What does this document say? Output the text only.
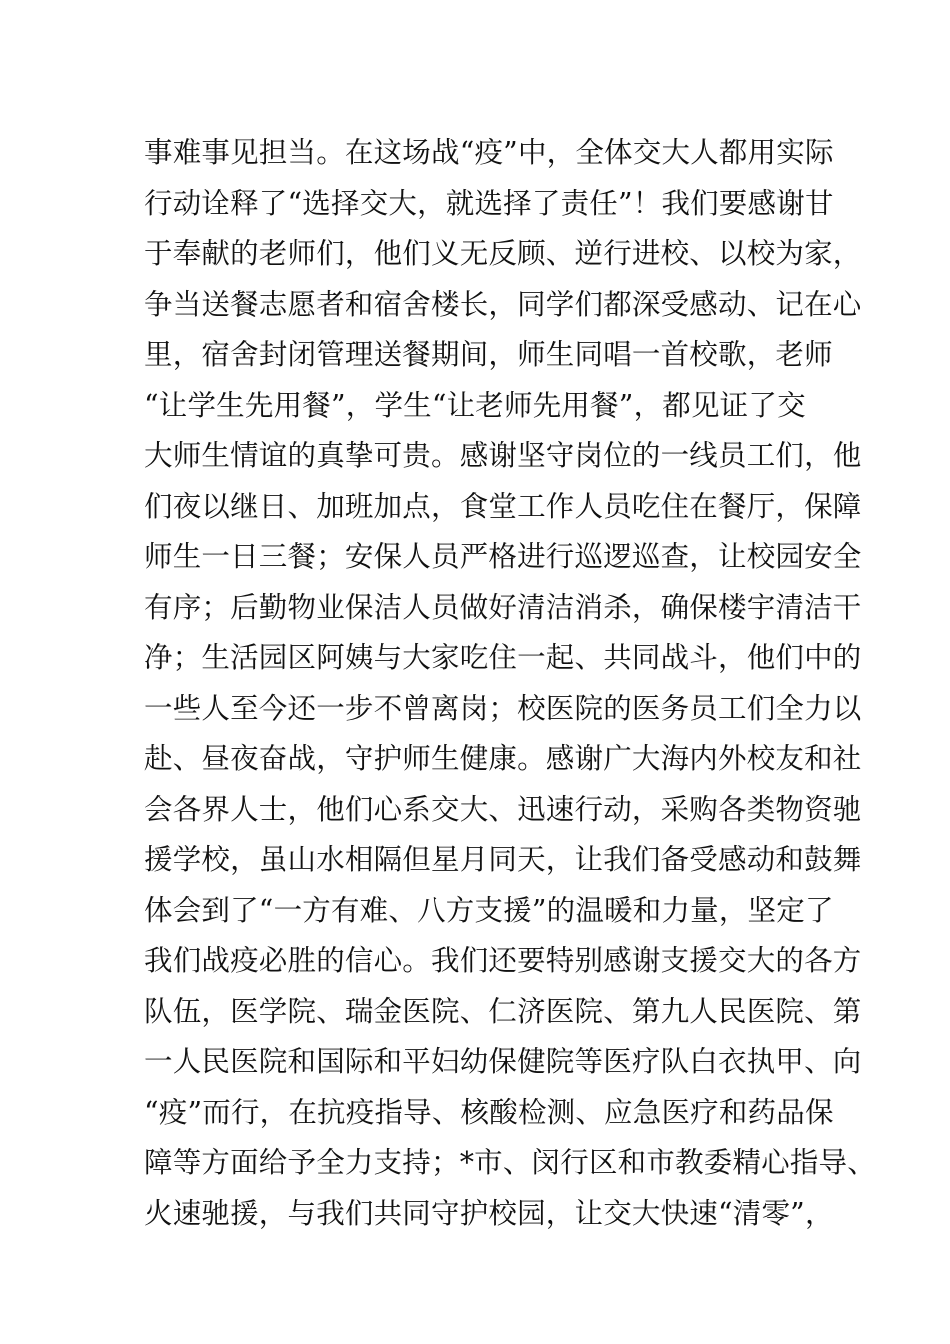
事难事见担当。在这场战“疫”中，全体交大人都用实际
行动诠释了“选择交大，就选择了责任”！我们要感谢甘
于奉献的老师们，他们义无反顾、逆行进校、以校为家，
争当送餐志愿者和宿舍楼长，同学们都深受感动、记在心
里，宿舍封闭管理送餐期间，师生同唱一首校歌，老师
“让学生先用餐”，学生“让老师先用餐”，都见证了交
大师生情谊的真挚可贵。感谢坚守岗位的一线员工们，他
们夜以继日、加班加点，食堂工作人员吃住在餐厅，保障
师生一日三餐；安保人员严格进行巡逻巡查，让校园安全
有序；后勤物业保洁人员做好清洁消杀，确保楼宇清洁干
净；生活园区阿姨与大家吃住一起、共同战斗，他们中的
一些人至今还一步不曾离岗；校医院的医务员工们全力以
赴、昼夜奋战，守护师生健康。感谢广大海内外校友和社
会各界人士，他们心系交大、迅速行动，采购各类物资驰
援学校，虽山水相隔但星月同天，让我们备受感动和鼓舞
体会到了“一方有难、八方支援”的温暖和力量，坚定了
我们战疫必胜的信心。我们还要特别感谢支援交大的各方
队伍，医学院、瑞金医院、仁济医院、第九人民医院、第
一人民医院和国际和平妇幼保健院等医疗队白衣执甲、向
“疫”而行，在抗疫指导、核酸检测、应急医疗和药品保
障等方面给予全力支持；*市、闵行区和市教委精心指导、
火速驰援，与我们共同守护校园，让交大快速“清零”，
